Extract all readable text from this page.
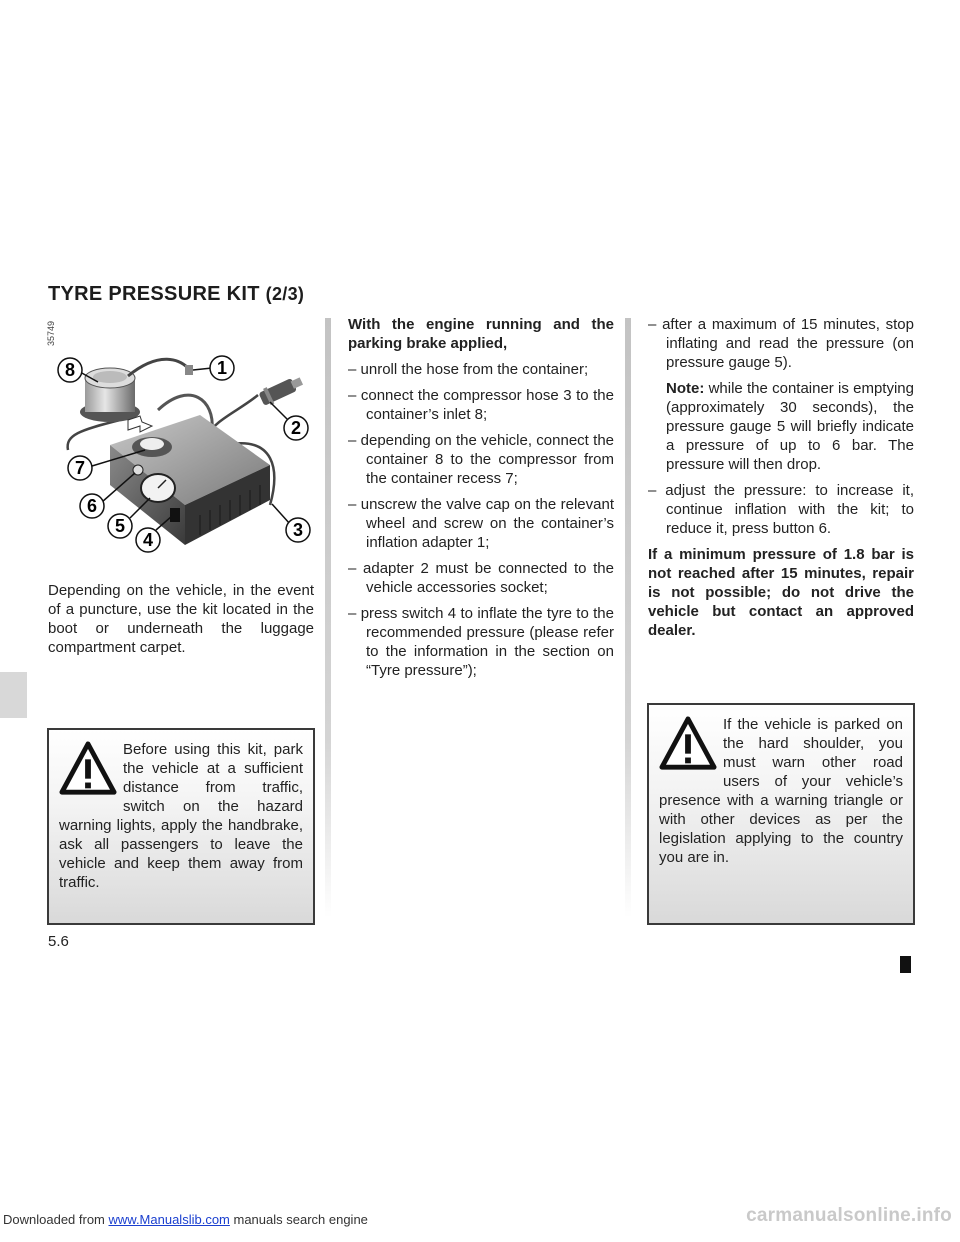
Downloaded from www.Manualslib.com manuals search engine	carmanualsonline.info
TYRE PRESSURE KIT (2/3)
35749
8	1
2
3
4
5
6
7
Depending on the vehicle, in the event of a puncture, use the kit located in the boot or underneath the luggage compartment carpet.

With the engine running and the parking brake applied,

– unroll the hose from the container;
– connect the compressor hose 3 to the container’s inlet 8;
– depending on the vehicle, connect the container 8 to the compressor from the container recess 7;
– unscrew the valve cap on the relevant wheel and screw on the container’s inflation adapter 1;
– adapter 2 must be connected to the vehicle accessories socket;
– press switch 4 to inflate the tyre to the recommended pressure (please refer to the information in the section on “Tyre pressure”);
– after a maximum of 15 minutes, stop inflating and read the pressure (on pressure gauge 5).
Note: while the container is emptying (approximately 30 seconds), the pressure gauge 5 will briefly indicate a pressure of up to 6 bar. The pressure will then drop.
– adjust the pressure: to increase it, continue inflation with the kit; to reduce it, press button 6.

If a minimum pressure of 1.8 bar is not reached after 15 minutes, repair is not possible; do not drive the vehicle but contact an approved dealer.

Before using this kit, park the vehicle at a sufficient distance from traffic, switch on the hazard warning lights, apply the handbrake, ask all passengers to leave the vehicle and keep them away from traffic.
If the vehicle is parked on the hard shoulder, you must warn other road users of your vehicle’s presence with a warning triangle or with other devices as per the legislation applying to the country you are in.
5.6
